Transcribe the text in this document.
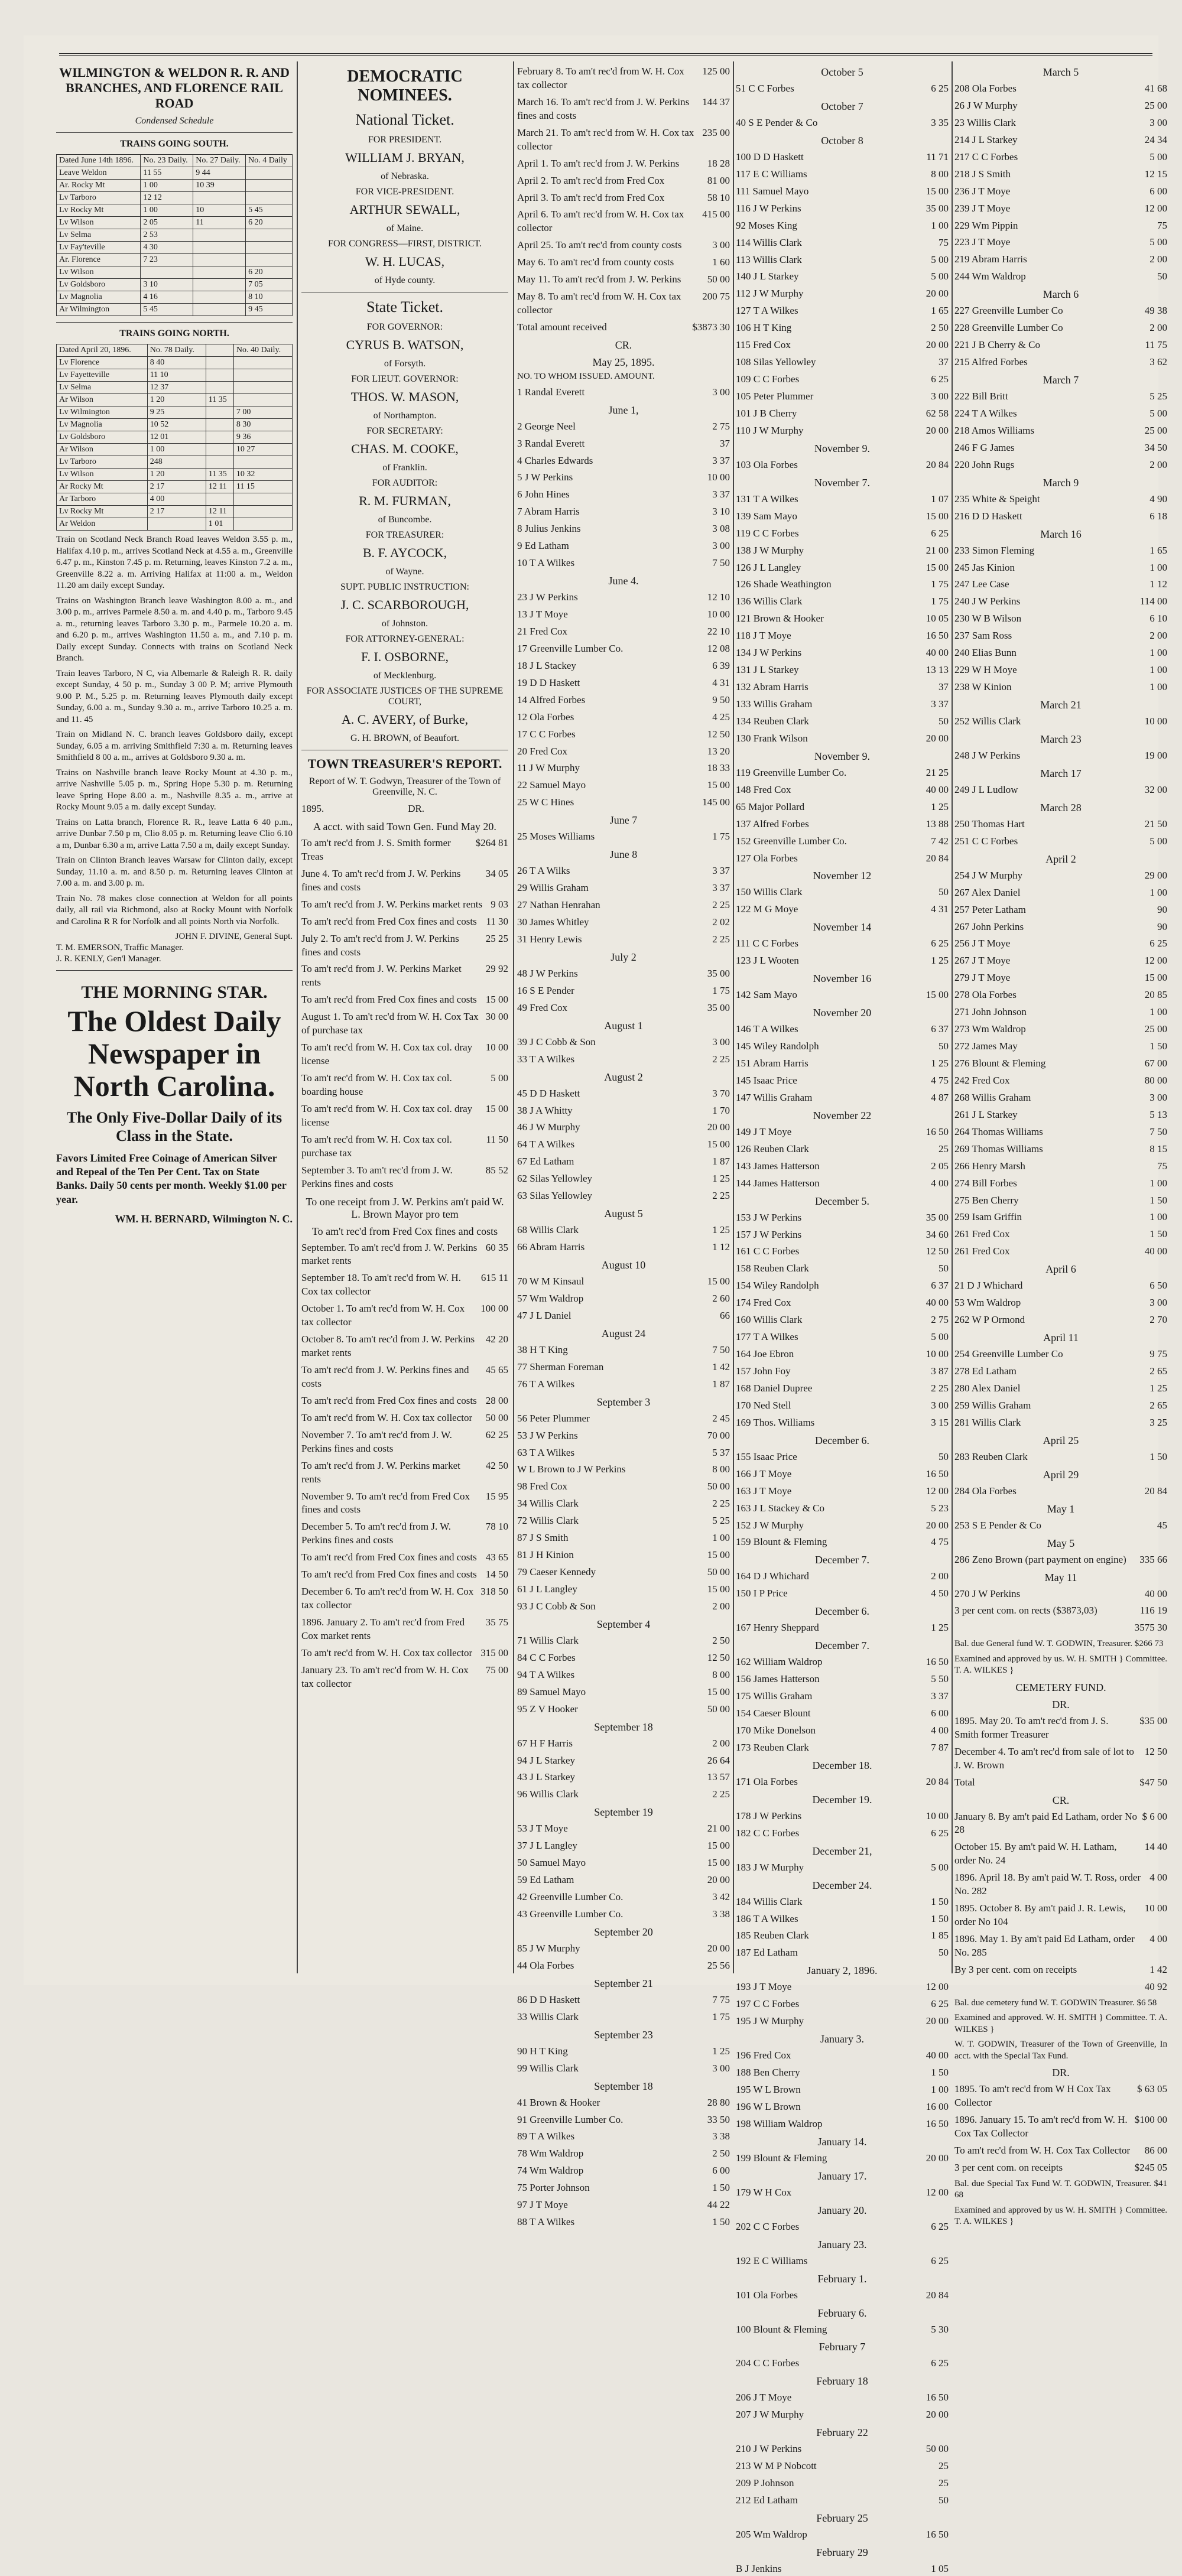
WILMINGTON & WELDON R. R. AND BRANCHES, AND FLORENCE RAIL ROAD
Condensed Schedule
TRAINS GOING SOUTH.
Dated June 14th 1896.	No. 23 Daily.	No. 27 Daily.	No. 4 Daily
Leave Weldon	11 55	9 44	
Ar. Rocky Mt	1 00	10 39	
Lv Tarboro	12 12		
Lv Rocky Mt	1 00	10	5 45
Lv Wilson	2 05	11	6 20
Lv Selma	2 53		
Lv Fay'teville	4 30		
Ar. Florence	7 23		
Lv Wilson			6 20
Lv Goldsboro	3 10		7 05
Lv Magnolia	4 16		8 10
Ar Wilmington	5 45		9 45
TRAINS GOING NORTH.
Dated April 20, 1896.	No. 78 Daily.		No. 40 Daily.
Lv Florence	8 40		
Lv Fayetteville	11 10		
Lv Selma	12 37		
Ar Wilson	1 20	11 35	
Lv Wilmington	9 25		7 00
Lv Magnolia	10 52		8 30
Lv Goldsboro	12 01		9 36
Ar Wilson	1 00		10 27
Lv Tarboro	248		
Lv Wilson	1 20	11 35	10 32
Ar Rocky Mt	2 17	12 11	11 15
Ar Tarboro	4 00		
Lv Rocky Mt	2 17	12 11	
Ar Weldon		1 01	
Train on Scotland Neck Branch Road leaves Weldon 3.55 p. m., Halifax 4.10 p. m., arrives Scotland Neck at 4.55 a. m., Greenville 6.47 p. m., Kinston 7.45 p. m. Returning, leaves Kinston 7.2 a. m., Greenville 8.22 a. m. Arriving Halifax at 11:00 a. m., Weldon 11.20 am daily except Sunday.
Trains on Washington Branch leave Washington 8.00 a. m., and 3.00 p. m., arrives Parmele 8.50 a. m. and 4.40 p. m., Tarboro 9.45 a. m., returning leaves Tarboro 3.30 p. m., Parmele 10.20 a. m. and 6.20 p. m., arrives Washington 11.50 a. m., and 7.10 p. m. Daily except Sunday. Connects with trains on Scotland Neck Branch.
Train leaves Tarboro, N C, via Albemarle & Raleigh R. R. daily except Sunday, 4 50 p. m., Sunday 3 00 P. M; arrive Plymouth 9.00 P. M., 5.25 p. m. Returning leaves Plymouth daily except Sunday, 6.00 a. m., Sunday 9.30 a. m., arrive Tarboro 10.25 a. m. and 11. 45
Train on Midland N. C. branch leaves Goldsboro daily, except Sunday, 6.05 a m. arriving Smithfield 7:30 a. m. Returning leaves Smithfield 8 00 a. m., arrives at Goldsboro 9.30 a. m.
Trains on Nashville branch leave Rocky Mount at 4.30 p. m., arrive Nashville 5.05 p. m., Spring Hope 5.30 p. m. Returning leave Spring Hope 8.00 a. m., Nashville 8.35 a. m., arrive at Rocky Mount 9.05 a m. daily except Sunday.
Trains on Latta branch, Florence R. R., leave Latta 6 40 p.m., arrive Dunbar 7.50 p m, Clio 8.05 p. m. Returning leave Clio 6.10 a m, Dunbar 6.30 a m, arrive Latta 7.50 a m, daily except Sunday.
Train on Clinton Branch leaves Warsaw for Clinton daily, except Sunday, 11.10 a. m. and 8.50 p. m. Returning leaves Clinton at 7.00 a. m. and 3.00 p. m.
Train No. 78 makes close connection at Weldon for all points daily, all rail via Richmond, also at Rocky Mount with Norfolk and Carolina R R for Norfolk and all points North via Norfolk.
JOHN F. DIVINE, General Supt.
T. M. EMERSON, Traffic Manager.
J. R. KENLY, Gen'l Manager.
THE MORNING STAR.
The Oldest Daily Newspaper in North Carolina.
The Only Five-Dollar Daily of its Class in the State.
Favors Limited Free Coinage of American Silver and Repeal of the Ten Per Cent. Tax on State Banks. Daily 50 cents per month. Weekly $1.00 per year.
WM. H. BERNARD, Wilmington N. C.
DEMOCRATIC NOMINEES.
National Ticket.
FOR PRESIDENT.
WILLIAM J. BRYAN,
of Nebraska.
FOR VICE-PRESIDENT.
ARTHUR SEWALL,
of Maine.
FOR CONGRESS—FIRST, DISTRICT.
W. H. LUCAS,
of Hyde county.
State Ticket.
FOR GOVERNOR:
CYRUS B. WATSON,
of Forsyth.
FOR LIEUT. GOVERNOR:
THOS. W. MASON,
of Northampton.
FOR SECRETARY:
CHAS. M. COOKE,
of Franklin.
FOR AUDITOR:
R. M. FURMAN,
of Buncombe.
FOR TREASURER:
B. F. AYCOCK,
of Wayne.
SUPT. PUBLIC INSTRUCTION:
J. C. SCARBOROUGH,
of Johnston.
FOR ATTORNEY-GENERAL:
F. I. OSBORNE,
of Mecklenburg.
FOR ASSOCIATE JUSTICES OF THE SUPREME COURT,
A. C. AVERY, of Burke,
G. H. BROWN, of Beaufort.
TOWN TREASURER'S REPORT.
Report of W. T. Godwyn, Treasurer of the Town of Greenville, N. C.
1895.	DR.
A acct. with said Town Gen. Fund May 20.
To am't rec'd from J. S. Smith former Treas
$264 81
June 4. To am't rec'd from J. W. Perkins fines and costs
34 05
To am't rec'd from J. W. Perkins market rents 9 03
To am't rec'd from Fred Cox fines and costs 11 30
July 2. To am't rec'd from J. W. Perkins fines and costs
25 25
To am't rec'd from J. W. Perkins Market rents
29 92
To am't rec'd from Fred Cox fines and costs 15 00
August 1. To am't rec'd from W. H. Cox Tax of purchase tax
30 00
To am't rec'd from W. H. Cox tax col. dray license
10 00
To am't rec'd from W. H. Cox tax col. boarding house
5 00
To am't rec'd from W. H. Cox tax col. dray license
15 00
To am't rec'd from W. H. Cox tax col. purchase tax
11 50
September 3. To am't rec'd from J. W. Perkins fines and costs
85 52
To one receipt from J. W. Perkins am't paid W. L. Brown Mayor pro tem
To am't rec'd from Fred Cox fines and costs
September. To am't rec'd from J. W. Perkins market rents
60 35
September 18. To am't rec'd from W. H. Cox tax collector
615 11
October 1. To am't rec'd from W. H. Cox tax collector
100 00
October 8. To am't rec'd from J. W. Perkins market rents
42 20
To am't rec'd from J. W. Perkins fines and costs
45 65
To am't rec'd from Fred Cox fines and costs 28 00
To am't rec'd from W. H. Cox tax collector 50 00
November 7. To am't rec'd from J. W. Perkins fines and costs
62 25
To am't rec'd from J. W. Perkins market rents
42 50
November 9. To am't rec'd from Fred Cox fines and costs
15 95
December 5. To am't rec'd from J. W. Perkins fines and costs
78 10
To am't rec'd from Fred Cox fines and costs 43 65
To am't rec'd from Fred Cox fines and costs 14 50
December 6. To am't rec'd from W. H. Cox tax collector
318 50
1896. January 2. To am't rec'd from Fred Cox market rents
35 75
To am't rec'd from W. H. Cox tax collector 315 00
January 23. To am't rec'd from W. H. Cox tax collector
75 00
February 8. To am't rec'd from W. H. Cox tax collector
125 00
March 16. To am't rec'd from J. W. Perkins fines and costs
144 37
March 21. To am't rec'd from W. H. Cox tax collector
235 00
April 1. To am't rec'd from J. W. Perkins	18 28
April 2. To am't rec'd from Fred Cox	81 00
April 3. To am't rec'd from Fred Cox	58 10
April 6. To am't rec'd from W. H. Cox tax collector
415 00
April 25. To am't rec'd from county costs	3 00
May 6. To am't rec'd from county costs	1 60
May 11. To am't rec'd from J. W. Perkins	50 00
May 8. To am't rec'd from W. H. Cox tax collector
200 75
Total amount received	$3873 30
CR.
May 25, 1895.
NO. TO WHOM ISSUED. AMOUNT.
1 Randal Everett	3 00
June 1,
2 George Neel	2 75
3 Randal Everett	37
4 Charles Edwards	3 37
5 J W Perkins	10 00
6 John Hines	3 37
7 Abram Harris	3 10
8 Julius Jenkins	3 08
9 Ed Latham	3 00
10 T A Wilkes	7 50
June 4.
23 J W Perkins	12 10
13 J T Moye	10 00
21 Fred Cox	22 10
17 Greenville Lumber Co.	12 08
18 J L Stackey	6 39
19 D D Haskett	4 31
14 Alfred Forbes	9 50
12 Ola Forbes	4 25
17 C C Forbes	12 50
20 Fred Cox	13 20
11 J W Murphy	18 33
22 Samuel Mayo	15 00
25 W C Hines	145 00
June 7
25 Moses Williams	1 75
June 8
26 T A Wilks	3 37
29 Willis Graham	3 37
27 Nathan Henrahan	2 25
30 James Whitley	2 02
31 Henry Lewis	2 25
July 2
48 J W Perkins	35 00
16 S E Pender	1 75
49 Fred Cox	35 00
August 1
39 J C Cobb & Son	3 00
33 T A Wilkes	2 25
August 2
45 D D Haskett	3 70
38 J A Whitty	1 70
46 J W Murphy	20 00
64 T A Wilkes	15 00
67 Ed Latham	1 87
62 Silas Yellowley	1 25
63 Silas Yellowley	2 25
August 5
68 Willis Clark	1 25
66 Abram Harris	1 12
August 10
70 W M Kinsaul	15 00
57 Wm Waldrop	2 60
47 J L Daniel	66
August 24
38 H T King	7 50
77 Sherman Foreman	1 42
76 T A Wilkes	1 87
September 3
56 Peter Plummer	2 45
53 J W Perkins	70 00
63 T A Wilkes	5 37
W L Brown to J W Perkins	8 00
98 Fred Cox	50 00
34 Willis Clark	2 25
72 Willis Clark	5 25
87 J S Smith	1 00
81 J H Kinion	15 00
79 Caeser Kennedy	50 00
61 J L Langley	15 00
93 J C Cobb & Son	2 00
September 4
71 Willis Clark	2 50
84 C C Forbes	12 50
94 T A Wilkes	8 00
89 Samuel Mayo	15 00
95 Z V Hooker	50 00
September 18
67 H F Harris	2 00
94 J L Starkey	26 64
43 J L Starkey	13 57
96 Willis Clark	2 25
September 19
53 J T Moye	21 00
37 J L Langley	15 00
50 Samuel Mayo	15 00
59 Ed Latham	20 00
42 Greenville Lumber Co.	3 42
43 Greenville Lumber Co.	3 38
September 20
85 J W Murphy	20 00
44 Ola Forbes	25 56
September 21
86 D D Haskett	7 75
33 Willis Clark	1 75
September 23
90 H T King	1 25
99 Willis Clark	3 00
September 18
41 Brown & Hooker	28 80
91 Greenville Lumber Co.	33 50
89 T A Wilkes	3 38
78 Wm Waldrop	2 50
74 Wm Waldrop	6 00
75 Porter Johnson	1 50
97 J T Moye	44 22
88 T A Wilkes	1 50
October 5
51 C C Forbes	6 25
October 7
40 S E Pender & Co	3 35
October 8
100 D D Haskett	11 71
117 E C Williams	8 00
111 Samuel Mayo	15 00
116 J W Perkins	35 00
92 Moses King	1 00
114 Willis Clark	75
113 Willis Clark	5 00
140 J L Starkey	5 00
112 J W Murphy	20 00
127 T A Wilkes	1 65
106 H T King	2 50
115 Fred Cox	20 00
108 Silas Yellowley	37
109 C C Forbes	6 25
105 Peter Plummer	3 00
101 J B Cherry	62 58
110 J W Murphy	20 00
November 9.
103 Ola Forbes	20 84
November 7.
131 T A Wilkes	1 07
139 Sam Mayo	15 00
119 C C Forbes	6 25
138 J W Murphy	21 00
126 J L Langley	15 00
126 Shade Weathington	1 75
136 Willis Clark	1 75
121 Brown & Hooker	10 05
118 J T Moye	16 50
134 J W Perkins	40 00
131 J L Starkey	13 13
132 Abram Harris	37
133 Willis Graham	3 37
134 Reuben Clark	50
130 Frank Wilson	20 00
November 9.
119 Greenville Lumber Co.	21 25
148 Fred Cox	40 00
65 Major Pollard	1 25
137 Alfred Forbes	13 88
152 Greenville Lumber Co.	7 42
127 Ola Forbes	20 84
November 12
150 Willis Clark	50
122 M G Moye	4 31
November 14
111 C C Forbes	6 25
123 J L Wooten	1 25
November 16
142 Sam Mayo	15 00
November 20
146 T A Wilkes	6 37
145 Wiley Randolph	50
151 Abram Harris	1 25
145 Isaac Price	4 75
147 Willis Graham	4 87
November 22
149 J T Moye	16 50
126 Reuben Clark	25
143 James Hatterson	2 05
144 James Hatterson	4 00
December 5.
153 J W Perkins	35 00
157 J W Perkins	34 60
161 C C Forbes	12 50
158 Reuben Clark	50
154 Wiley Randolph	6 37
174 Fred Cox	40 00
160 Willis Clark	2 75
177 T A Wilkes	5 00
164 Joe Ebron	10 00
157 John Foy	3 87
168 Daniel Dupree	2 25
170 Ned Stell	3 00
169 Thos. Williams	3 15
December 6.
155 Isaac Price	50
166 J T Moye	16 50
163 J T Moye	12 00
163 J L Stackey & Co	5 23
152 J W Murphy	20 00
159 Blount & Fleming	4 75
December 7.
164 D J Whichard	2 00
150 I P Price	4 50
December 6.
167 Henry Sheppard	1 25
December 7.
162 William Waldrop	16 50
156 James Hatterson	5 50
175 Willis Graham	3 37
154 Caeser Blount	6 00
170 Mike Donelson	4 00
173 Reuben Clark	7 87
December 18.
171 Ola Forbes	20 84
December 19.
178 J W Perkins	10 00
182 C C Forbes	6 25
December 21,
183 J W Murphy	5 00
December 24.
184 Willis Clark	1 50
186 T A Wilkes	1 50
185 Reuben Clark	1 85
187 Ed Latham	50
January 2, 1896.
193 J T Moye	12 00
197 C C Forbes	6 25
195 J W Murphy	20 00
January 3.
196 Fred Cox	40 00
188 Ben Cherry	1 50
195 W L Brown	1 00
196 W L Brown	16 00
198 William Waldrop	16 50
January 14.
199 Blount & Fleming	20 00
January 17.
179 W H Cox	12 00
January 20.
202 C C Forbes	6 25
January 23.
192 E C Williams	6 25
February 1.
101 Ola Forbes	20 84
February 6.
100 Blount & Fleming	5 30
February 7
204 C C Forbes	6 25
February 18
206 J T Moye	16 50
207 J W Murphy	20 00
February 22
210 J W Perkins	50 00
213 W M P Nobcott	25
209 P Johnson	25
212 Ed Latham	50
February 25
205 Wm Waldrop	16 50
February 29
B J Jenkins	1 05
March 5
208 Ola Forbes	41 68
26 J W Murphy	25 00
23 Willis Clark	3 00
214 J L Starkey	24 34
217 C C Forbes	5 00
218 J S Smith	12 15
236 J T Moye	6 00
239 J T Moye	12 00
229 Wm Pippin	75
223 J T Moye	5 00
219 Abram Harris	2 00
244 Wm Waldrop	50
March 6
227 Greenville Lumber Co	49 38
228 Greenville Lumber Co	2 00
221 J B Cherry & Co	11 75
215 Alfred Forbes	3 62
March 7
222 Bill Britt	5 25
224 T A Wilkes	5 00
218 Amos Williams	25 00
246 F G James	34 50
220 John Rugs	2 00
March 9
235 White & Speight	4 90
216 D D Haskett	6 18
March 16
233 Simon Fleming	1 65
245 Jas Kinion	1 00
247 Lee Case	1 12
240 J W Perkins	114 00
230 W B Wilson	6 10
237 Sam Ross	2 00
240 Elias Bunn	1 00
229 W H Moye	1 00
238 W Kinion	1 00
March 21
252 Willis Clark	10 00
March 23
248 J W Perkins	19 00
March 17
249 J L Ludlow	32 00
March 28
250 Thomas Hart	21 50
251 C C Forbes	5 00
April 2
254 J W Murphy	29 00
267 Alex Daniel	1 00
257 Peter Latham	90
267 John Perkins	90
256 J T Moye	6 25
267 J T Moye	12 00
279 J T Moye	15 00
278 Ola Forbes	20 85
271 John Johnson	1 00
273 Wm Waldrop	25 00
272 James May	1 50
276 Blount & Fleming	67 00
242 Fred Cox	80 00
268 Willis Graham	3 00
261 J L Starkey	5 13
264 Thomas Williams	7 50
269 Thomas Williams	8 15
266 Henry Marsh	75
274 Bill Forbes	1 00
275 Ben Cherry	1 50
259 Isam Griffin	1 00
261 Fred Cox	1 50
261 Fred Cox	40 00
April 6
21 D J Whichard	6 50
53 Wm Waldrop	3 00
262 W P Ormond	2 70
April 11
254 Greenville Lumber Co	9 75
278 Ed Latham	2 65
280 Alex Daniel	1 25
259 Willis Graham	2 65
281 Willis Clark	3 25
April 25
283 Reuben Clark	1 50
April 29
284 Ola Forbes	20 84
May 1
253 S E Pender & Co	45
May 5
286 Zeno Brown (part payment on engine) 335 66
May 11
270 J W Perkins	40 00
3 per cent com. on rects ($3873,03)	116 19
3575 30
Bal. due General fund W. T. GODWIN, Treasurer. $266 73
Examined and approved by us. W. H. SMITH } Committee. T. A. WILKES }
CEMETERY FUND.
DR.
1895. May 20. To am't rec'd from J. S. Smith former Treasurer
$35 00
December 4. To am't rec'd from sale of lot to J. W. Brown
12 50
Total	$47 50
CR.
January 8. By am't paid Ed Latham, order No 28
$ 6 00
October 15. By am't paid W. H. Latham, order No. 24
14 40
1896. April 18. By am't paid W. T. Ross, order No. 282
4 00
1895. October 8. By am't paid J. R. Lewis, order No 104
10 00
1896. May 1. By am't paid Ed Latham, order No. 285
4 00
By 3 per cent. com on receipts	1 42
40 92
Bal. due cemetery fund W. T. GODWIN Treasurer. $6 58
Examined and approved. W. H. SMITH } Committee. T. A. WILKES }
W. T. GODWIN, Treasurer of the Town of Greenville, In acct. with the Special Tax Fund.
DR.
1895. To am't rec'd from W H Cox Tax Collector
$ 63 05
1896. January 15. To am't rec'd from W. H. Cox Tax Collector
$100 00
To am't rec'd from W. H. Cox Tax Collector 86 00
3 per cent com. on receipts	$245 05
Bal. due Special Tax Fund W. T. GODWIN, Treasurer. $41 68
Examined and approved by us W. H. SMITH } Committee. T. A. WILKES }
